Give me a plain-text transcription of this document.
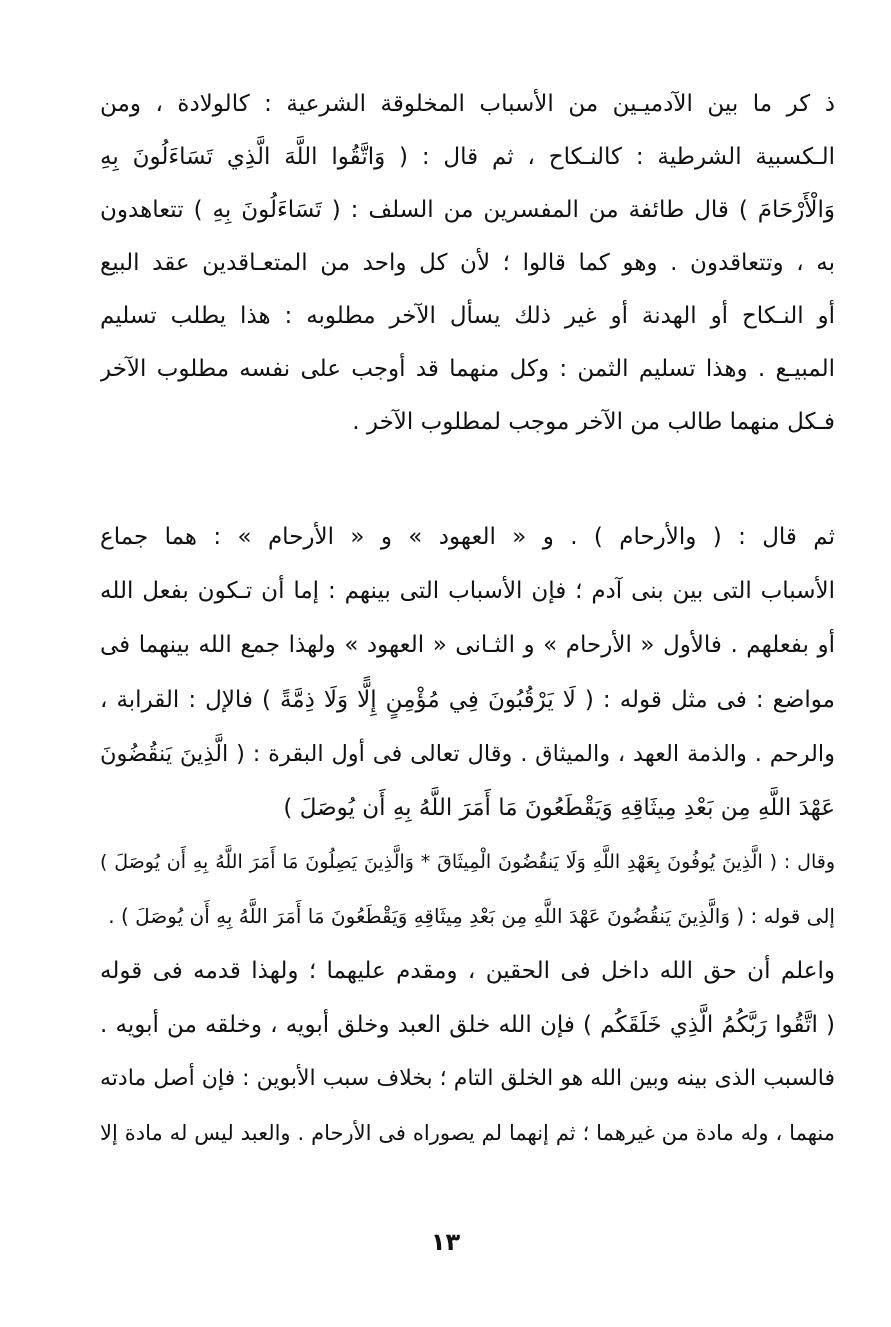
ذ كر ما بين الآدميـين من الأسباب المخلوقة الشرعية : كالولادة ، ومن
الـكسبية الشرطية : كالنـكاح ، ثم قال : ( وَاتَّقُوا اللَّهَ الَّذِي تَسَاءَلُونَ بِهِ
وَالْأَرْحَامَ ) قال طائفة من المفسرين من السلف : ( تَسَاءَلُونَ بِهِ ) تتعاهدون
به ، وتتعاقدون . وهو كما قالوا ؛ لأن كل واحد من المتعـاقدين عقد البيع
أو النـكاح أو الهدنة أو غير ذلك يسأل الآخر مطلوبه : هذا يطلب تسليم
المبيـع . وهذا تسليم الثمن : وكل منهما قد أوجب على نفسه مطلوب الآخر
فـكل منهما طالب من الآخر موجب لمطلوب الآخر .
ثم قال : ( والأرحام ) . و « العهود » و « الأرحام » : هما جماع
الأسباب التى بين بنى آدم ؛ فإن الأسباب التى بينهم : إما أن تـكون بفعل الله
أو بفعلهم . فالأول « الأرحام » و الثـانى « العهود » ولهذا جمع الله بينهما فى
مواضع : فى مثل قوله : ( لَا يَرْقُبُونَ فِي مُؤْمِنٍ إِلًّا وَلَا ذِمَّةً ) فالإل : القرابة ،
والرحم . والذمة العهد ، والميثاق . وقال تعالى فى أول البقرة : ( الَّذِينَ يَنقُضُونَ
عَهْدَ اللَّهِ مِن بَعْدِ مِيثَاقِهِ وَيَقْطَعُونَ مَا أَمَرَ اللَّهُ بِهِ أَن يُوصَلَ )
وقال : ( الَّذِينَ يُوفُونَ بِعَهْدِ اللَّهِ وَلَا يَنقُضُونَ الْمِيثَاقَ * وَالَّذِينَ يَصِلُونَ مَا أَمَرَ اللَّهُ بِهِ أَن يُوصَلَ )
إلى قوله : ( وَالَّذِينَ يَنقُضُونَ عَهْدَ اللَّهِ مِن بَعْدِ مِيثَاقِهِ وَيَقْطَعُونَ مَا أَمَرَ اللَّهُ بِهِ أَن يُوصَلَ ) .
واعلم أن حق الله داخل فى الحقين ، ومقدم عليهما ؛ ولهذا قدمه فى قوله
( اتَّقُوا رَبَّكُمُ الَّذِي خَلَقَكُم ) فإن الله خلق العبد وخلق أبويه ، وخلقه من أبويه .
فالسبب الذى بينه وبين الله هو الخلق التام ؛ بخلاف سبب الأبوين : فإن أصل مادته
منهما ، وله مادة من غيرهما ؛ ثم إنهما لم يصوراه فى الأرحام . والعبد ليس له مادة إلا
١٣
